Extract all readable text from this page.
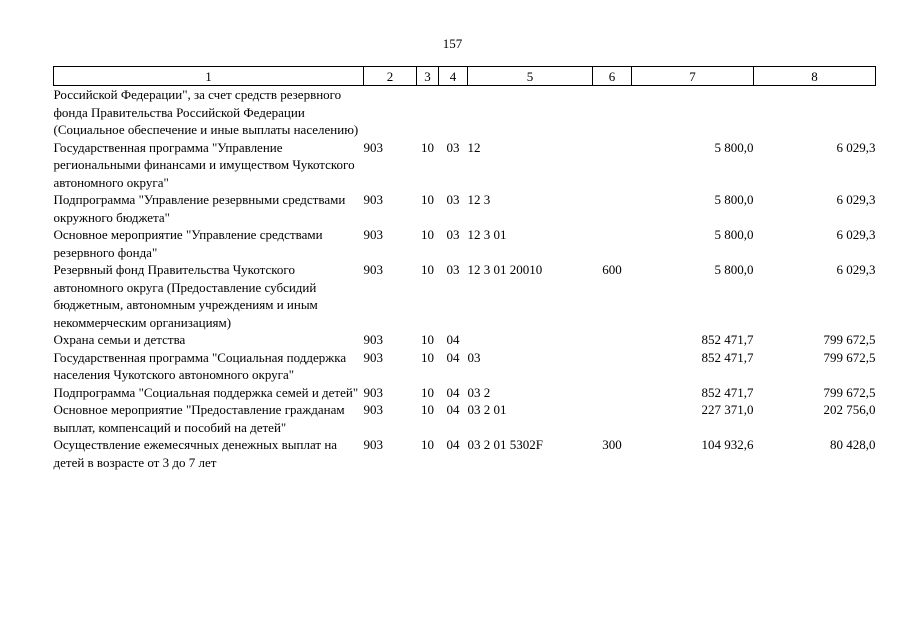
157
1	2	3	4	5	6	7	8
Российской Федерации", за счет средств резервного фонда Правительства Российской Федерации (Социальное обеспечение и иные выплаты населению)							
Государственная программа "Управление региональными финансами и имуществом Чукотского автономного округа"	903	10	03	12		5 800,0	6 029,3
Подпрограмма "Управление резервными средствами окружного бюджета"	903	10	03	12 3		5 800,0	6 029,3
Основное мероприятие "Управление средствами резервного фонда"	903	10	03	12 3 01		5 800,0	6 029,3
Резервный фонд Правительства Чукотского автономного округа (Предоставление субсидий бюджетным, автономным учреждениям и иным некоммерческим организациям)	903	10	03	12 3 01 20010	600	5 800,0	6 029,3
Охрана семьи и детства	903	10	04			852 471,7	799 672,5
Государственная программа "Социальная поддержка населения Чукотского автономного округа"	903	10	04	03		852 471,7	799 672,5
Подпрограмма "Социальная поддержка семей и детей"	903	10	04	03 2		852 471,7	799 672,5
Основное мероприятие "Предоставление гражданам выплат, компенсаций и пособий на детей"	903	10	04	03 2 01		227 371,0	202 756,0
Осуществление ежемесячных денежных выплат на детей в возрасте от 3 до 7 лет	903	10	04	03 2 01 5302F	300	104 932,6	80 428,0
